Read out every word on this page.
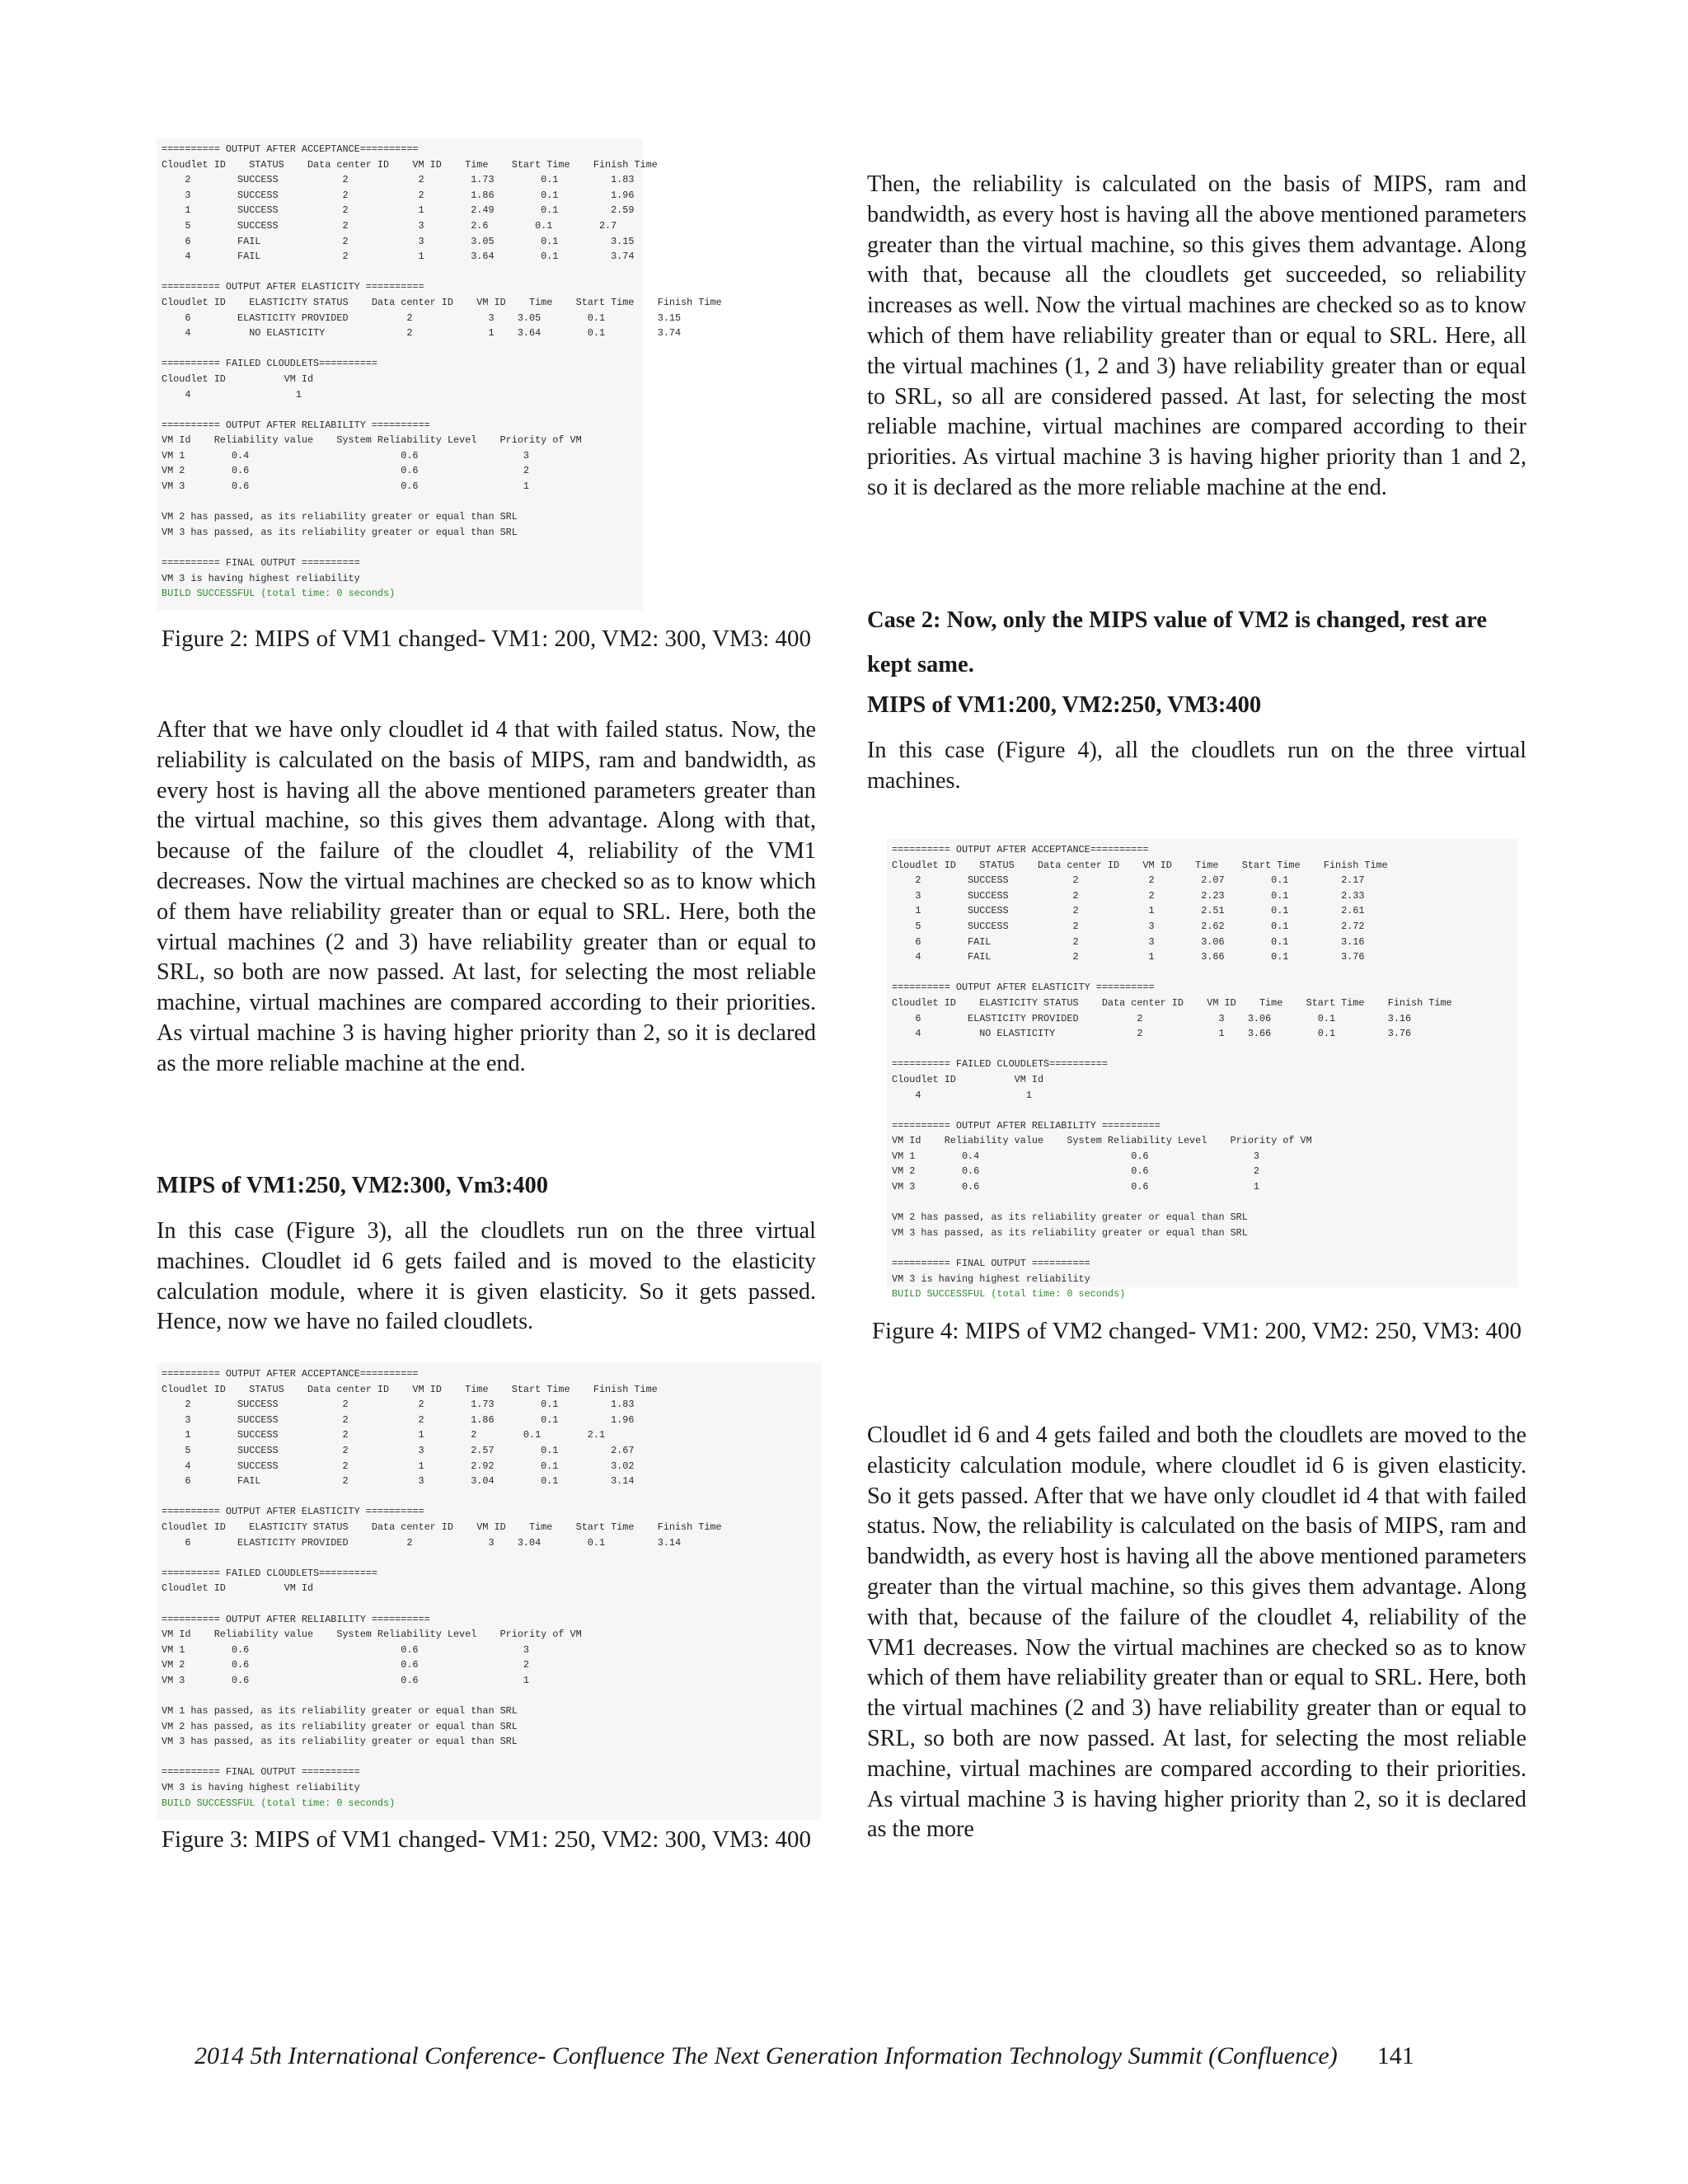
========== OUTPUT AFTER ACCEPTANCE==========
Cloudlet ID    STATUS    Data center ID    VM ID    Time    Start Time    Finish Time
2        SUCCESS           2            2        1.73        0.1         1.83
3        SUCCESS           2            2        1.86        0.1         1.96
1        SUCCESS           2            1        2.49        0.1         2.59
5        SUCCESS           2            3        2.6        0.1        2.7
6        FAIL              2            3        3.05        0.1         3.15
4        FAIL              2            1        3.64        0.1         3.74
========== OUTPUT AFTER ELASTICITY ==========
Cloudlet ID    ELASTICITY STATUS    Data center ID    VM ID    Time    Start Time    Finish Time
6        ELASTICITY PROVIDED          2             3    3.05        0.1         3.15
4          NO ELASTICITY              2             1    3.64        0.1         3.74
========== FAILED CLOUDLETS==========
Cloudlet ID          VM Id
4                  1
========== OUTPUT AFTER RELIABILITY ==========
VM Id    Reliability value    System Reliability Level    Priority of VM
VM 1        0.4                          0.6                  3
VM 2        0.6                          0.6                  2
VM 3        0.6                          0.6                  1
VM 2 has passed, as its reliability greater or equal than SRL
VM 3 has passed, as its reliability greater or equal than SRL
========== FINAL OUTPUT ==========
VM 3 is having highest reliability
BUILD SUCCESSFUL (total time: 0 seconds)
Figure 2: MIPS of VM1 changed- VM1: 200, VM2: 300, VM3: 400

After that we have only cloudlet id 4 that with failed status. Now, the reliability is calculated on the basis of MIPS, ram and bandwidth, as every host is having all the above mentioned parameters greater than the virtual machine, so this gives them advantage. Along with that, because of the failure of the cloudlet 4, reliability of the VM1 decreases. Now the virtual machines are checked so as to know which of them have reliability greater than or equal to SRL. Here, both the virtual machines (2 and 3) have reliability greater than or equal to SRL, so both are now passed. At last, for selecting the most reliable machine, virtual machines are compared according to their priorities. As virtual machine 3 is having higher priority than 2, so it is declared as the more reliable machine at the end.

MIPS of VM1:250, VM2:300, Vm3:400

In this case (Figure 3), all the cloudlets run on the three virtual machines. Cloudlet id 6 gets failed and is moved to the elasticity calculation module, where it is given elasticity. So it gets passed. Hence, now we have no failed cloudlets.

========== OUTPUT AFTER ACCEPTANCE==========
Cloudlet ID    STATUS    Data center ID    VM ID    Time    Start Time    Finish Time
2        SUCCESS           2            2        1.73        0.1         1.83
3        SUCCESS           2            2        1.86        0.1         1.96
1        SUCCESS           2            1        2        0.1        2.1
5        SUCCESS           2            3        2.57        0.1         2.67
4        SUCCESS           2            1        2.92        0.1         3.02
6        FAIL              2            3        3.04        0.1         3.14
========== OUTPUT AFTER ELASTICITY ==========
Cloudlet ID    ELASTICITY STATUS    Data center ID    VM ID    Time    Start Time    Finish Time
6        ELASTICITY PROVIDED          2             3    3.04        0.1         3.14
========== FAILED CLOUDLETS==========
Cloudlet ID          VM Id
========== OUTPUT AFTER RELIABILITY ==========
VM Id    Reliability value    System Reliability Level    Priority of VM
VM 1        0.6                          0.6                  3
VM 2        0.6                          0.6                  2
VM 3        0.6                          0.6                  1
VM 1 has passed, as its reliability greater or equal than SRL
VM 2 has passed, as its reliability greater or equal than SRL
VM 3 has passed, as its reliability greater or equal than SRL
========== FINAL OUTPUT ==========
VM 3 is having highest reliability
BUILD SUCCESSFUL (total time: 0 seconds)
Figure 3: MIPS of VM1 changed- VM1: 250, VM2: 300, VM3: 400

Then, the reliability is calculated on the basis of MIPS, ram and bandwidth, as every host is having all the above mentioned parameters greater than the virtual machine, so this gives them advantage. Along with that, because all the cloudlets get succeeded, so reliability increases as well. Now the virtual machines are checked so as to know which of them have reliability greater than or equal to SRL. Here, all the virtual machines (1, 2 and 3) have reliability greater than or equal to SRL, so all are considered passed. At last, for selecting the most reliable machine, virtual machines are compared according to their priorities. As virtual machine 3 is having higher priority than 1 and 2, so it is declared as the more reliable machine at the end.

Case 2: Now, only the MIPS value of VM2 is changed, rest are kept same.
MIPS of VM1:200, VM2:250, VM3:400

In this case (Figure 4), all the cloudlets run on the three virtual machines.

========== OUTPUT AFTER ACCEPTANCE==========
Cloudlet ID    STATUS    Data center ID    VM ID    Time    Start Time    Finish Time
2        SUCCESS           2            2        2.07        0.1         2.17
3        SUCCESS           2            2        2.23        0.1         2.33
1        SUCCESS           2            1        2.51        0.1         2.61
5        SUCCESS           2            3        2.62        0.1         2.72
6        FAIL              2            3        3.06        0.1         3.16
4        FAIL              2            1        3.66        0.1         3.76
========== OUTPUT AFTER ELASTICITY ==========
Cloudlet ID    ELASTICITY STATUS    Data center ID    VM ID    Time    Start Time    Finish Time
6        ELASTICITY PROVIDED          2             3    3.06        0.1         3.16
4          NO ELASTICITY              2             1    3.66        0.1         3.76
========== FAILED CLOUDLETS==========
Cloudlet ID          VM Id
4                  1
========== OUTPUT AFTER RELIABILITY ==========
VM Id    Reliability value    System Reliability Level    Priority of VM
VM 1        0.4                          0.6                  3
VM 2        0.6                          0.6                  2
VM 3        0.6                          0.6                  1
VM 2 has passed, as its reliability greater or equal than SRL
VM 3 has passed, as its reliability greater or equal than SRL
========== FINAL OUTPUT ==========
VM 3 is having highest reliability
BUILD SUCCESSFUL (total time: 0 seconds)
Figure 4: MIPS of VM2 changed- VM1: 200, VM2: 250, VM3: 400

Cloudlet id 6 and 4 gets failed and both the cloudlets are moved to the elasticity calculation module, where cloudlet id 6 is given elasticity. So it gets passed. After that we have only cloudlet id 4 that with failed status. Now, the reliability is calculated on the basis of MIPS, ram and bandwidth, as every host is having all the above mentioned parameters greater than the virtual machine, so this gives them advantage. Along with that, because of the failure of the cloudlet 4, reliability of the VM1 decreases. Now the virtual machines are checked so as to know which of them have reliability greater than or equal to SRL. Here, both the virtual machines (2 and 3) have reliability greater than or equal to SRL, so both are now passed. At last, for selecting the most reliable machine, virtual machines are compared according to their priorities. As virtual machine 3 is having higher priority than 2, so it is declared as the more

2014 5th International Conference- Confluence The Next Generation Information Technology Summit (Confluence) 141
